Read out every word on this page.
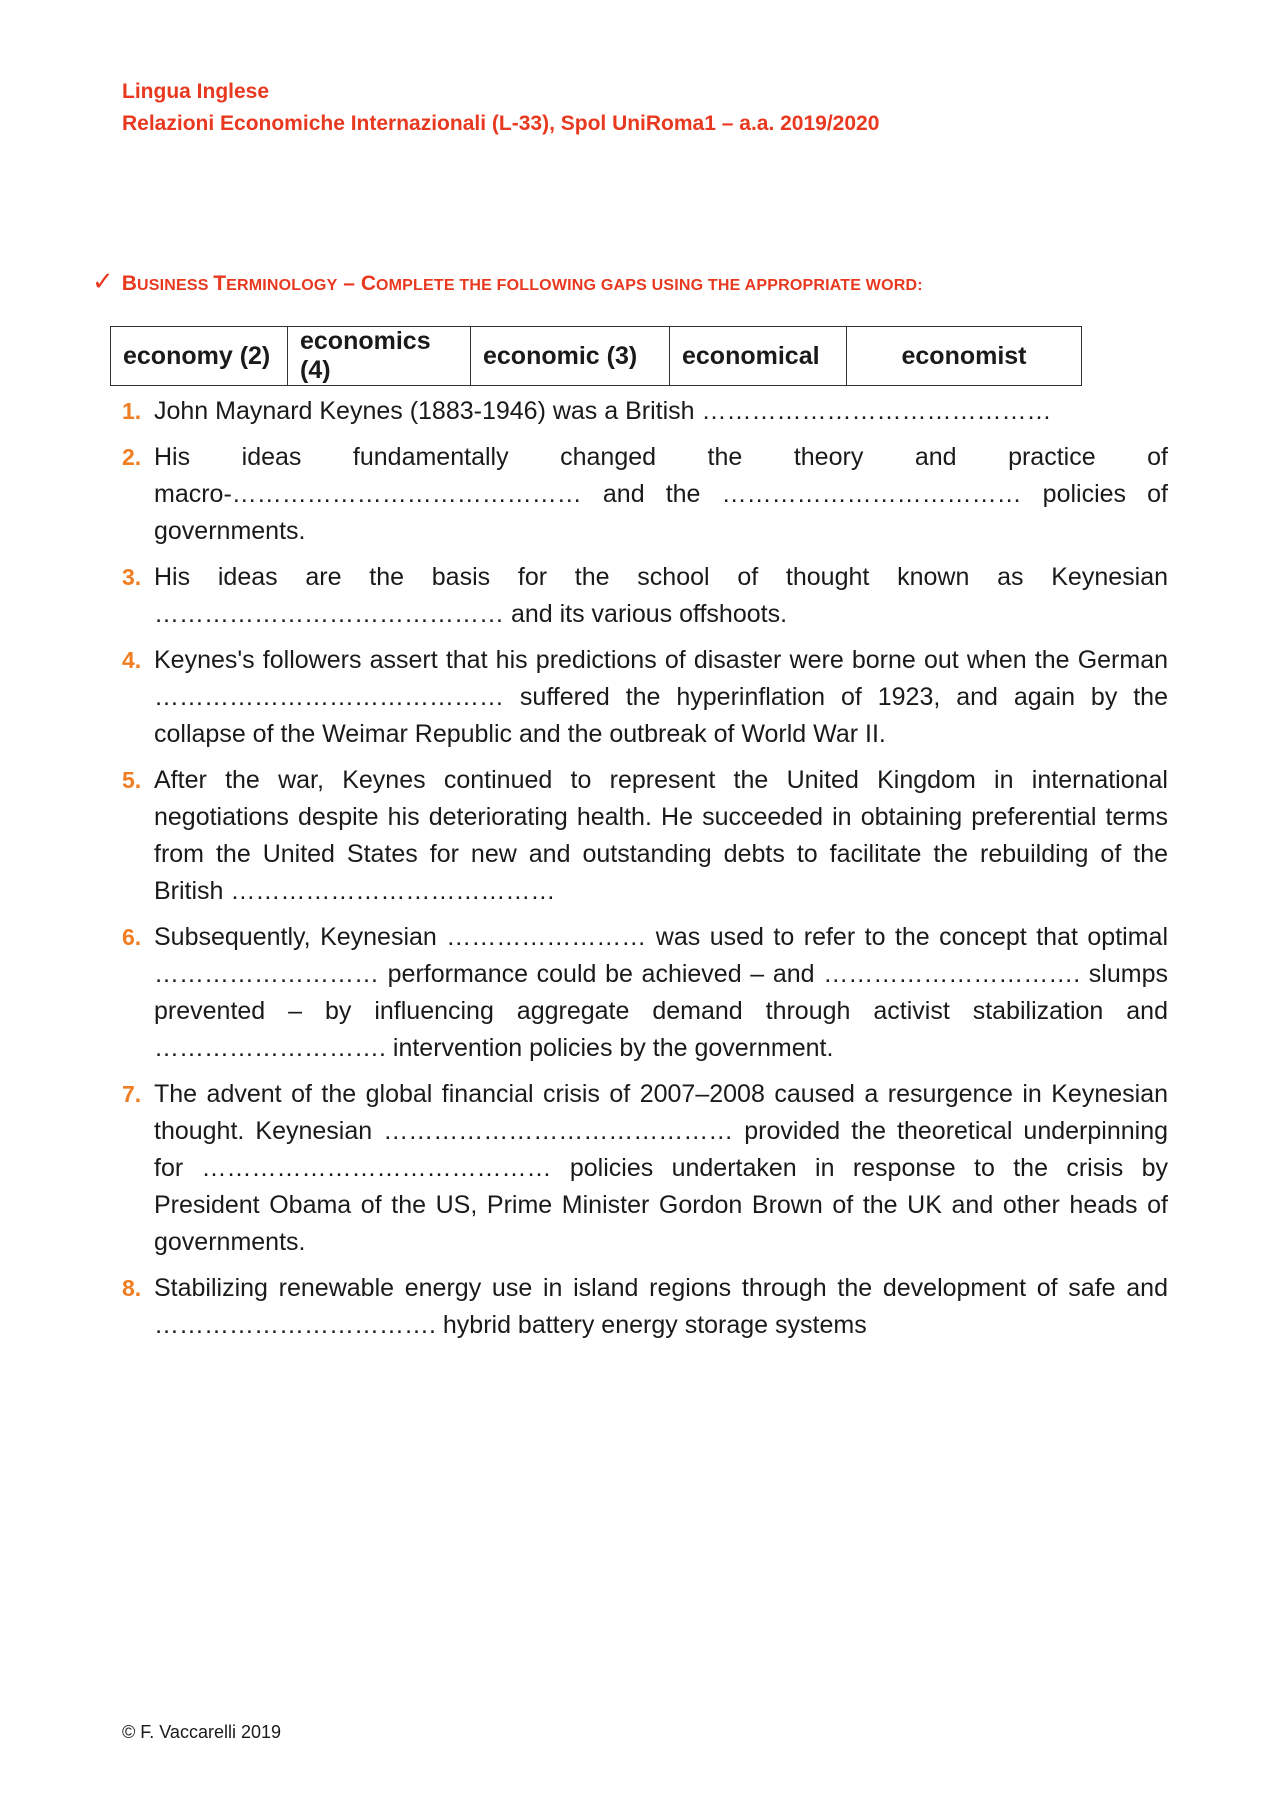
Lingua Inglese
Relazioni Economiche Internazionali (L-33), Spol UniRoma1 – a.a. 2019/2020
✓ BUSINESS TERMINOLOGY – COMPLETE THE FOLLOWING GAPS USING THE APPROPRIATE WORD:
economy (2)	economics (4)	economic (3)	economical	economist
1. John Maynard Keynes (1883-1946) was a British ……………………………………
2. His ideas fundamentally changed the theory and practice of macro-…………………………………… and the ……………………………… policies of governments.
3. His ideas are the basis for the school of thought known as Keynesian …………………………………… and its various offshoots.
4. Keynes's followers assert that his predictions of disaster were borne out when the German …………………………………… suffered the hyperinflation of 1923, and again by the collapse of the Weimar Republic and the outbreak of World War II.
5. After the war, Keynes continued to represent the United Kingdom in international negotiations despite his deteriorating health. He succeeded in obtaining preferential terms from the United States for new and outstanding debts to facilitate the rebuilding of the British …………………………………
6. Subsequently, Keynesian …………………… was used to refer to the concept that optimal ……………………… performance could be achieved – and …………………………. slumps prevented – by influencing aggregate demand through activist stabilization and ………………………. intervention policies by the government.
7. The advent of the global financial crisis of 2007–2008 caused a resurgence in Keynesian thought. Keynesian …………………………………… provided the theoretical underpinning for …………………………………… policies undertaken in response to the crisis by President Obama of the US, Prime Minister Gordon Brown of the UK and other heads of governments.
8. Stabilizing renewable energy use in island regions through the development of safe and ……………………………. hybrid battery energy storage systems
© F. Vaccarelli 2019
